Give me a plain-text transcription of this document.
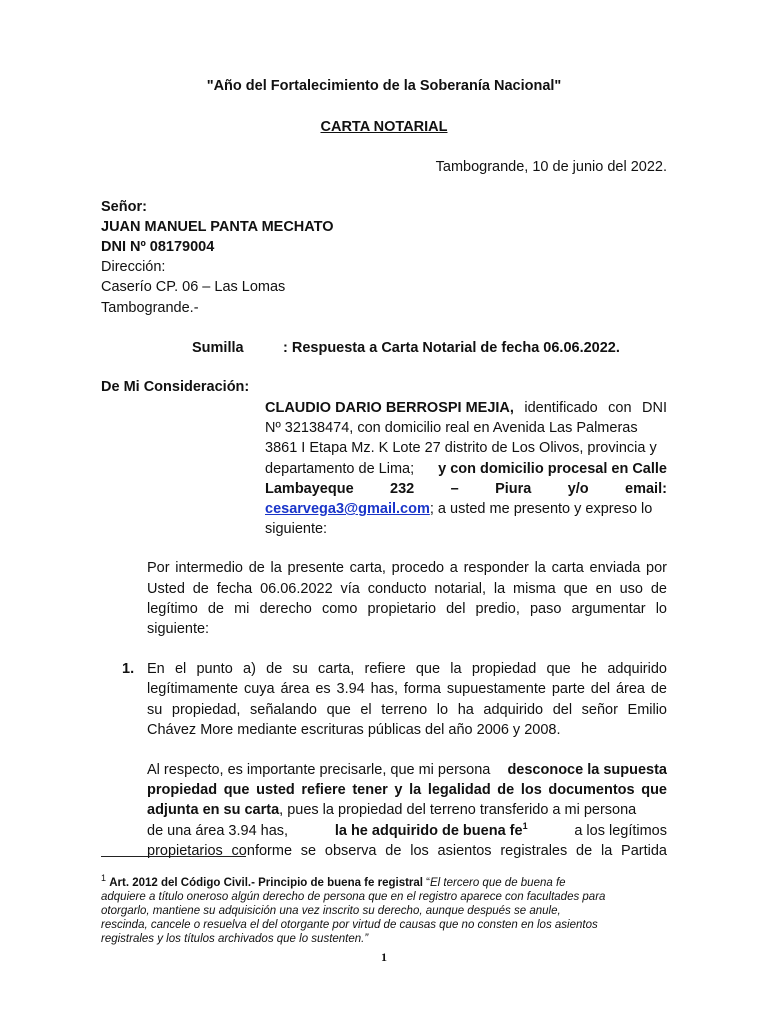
"Año del Fortalecimiento de la Soberanía Nacional"
CARTA NOTARIAL
Tambogrande, 10 de junio del 2022.
Señor:
JUAN MANUEL PANTA MECHATO
DNI Nº 08179004
Dirección:
Caserío CP. 06 – Las Lomas
Tambogrande.-
Sumilla	: Respuesta a Carta Notarial de fecha 06.06.2022.
De Mi Consideración:
CLAUDIO DARIO BERROSPI MEJIA, identificado con DNI
Nº 32138474, con domicilio real en Avenida Las Palmeras
3861 I Etapa Mz. K Lote 27 distrito de Los Olivos, provincia y
departamento de Lima; y con domicilio procesal en Calle
Lambayeque	232	–	Piura	y/o	email:
cesarvega3@gmail.com; a usted me presento y expreso lo
siguiente:
Por intermedio de la presente carta, procedo a responder la carta enviada por
Usted de fecha 06.06.2022 vía conducto notarial, la misma que en uso de
legítimo de mi derecho como propietario del predio, paso argumentar lo
siguiente:
1. En el punto a) de su carta, refiere que la propiedad que he adquirido
legítimamente cuya área es 3.94 has, forma supuestamente parte del área de
su propiedad, señalando que el terreno lo ha adquirido del señor Emilio
Chávez More mediante escrituras públicas del año 2006 y 2008.
Al respecto, es importante precisarle, que mi persona desconoce la supuesta
propiedad que usted refiere tener y la legalidad de los documentos que
adjunta en su carta, pues la propiedad del terreno transferido a mi persona
de una área 3.94 has,	la he adquirido de buena $fe^1$	a los legítimos
propietarios conforme se observa de los asientos registrales de la Partida
$^1$ Art. 2012 del Código Civil.- Principio de buena fe registral “El tercero que de buena fe
adquiere a título oneroso algún derecho de persona que en el registro aparece con facultades para
otorgarlo, mantiene su adquisición una vez inscrito su derecho, aunque después se anule,
rescinda, cancele o resuelva el del otorgante por virtud de causas que no consten en los asientos
registrales y los títulos archivados que lo sustenten.”
1
